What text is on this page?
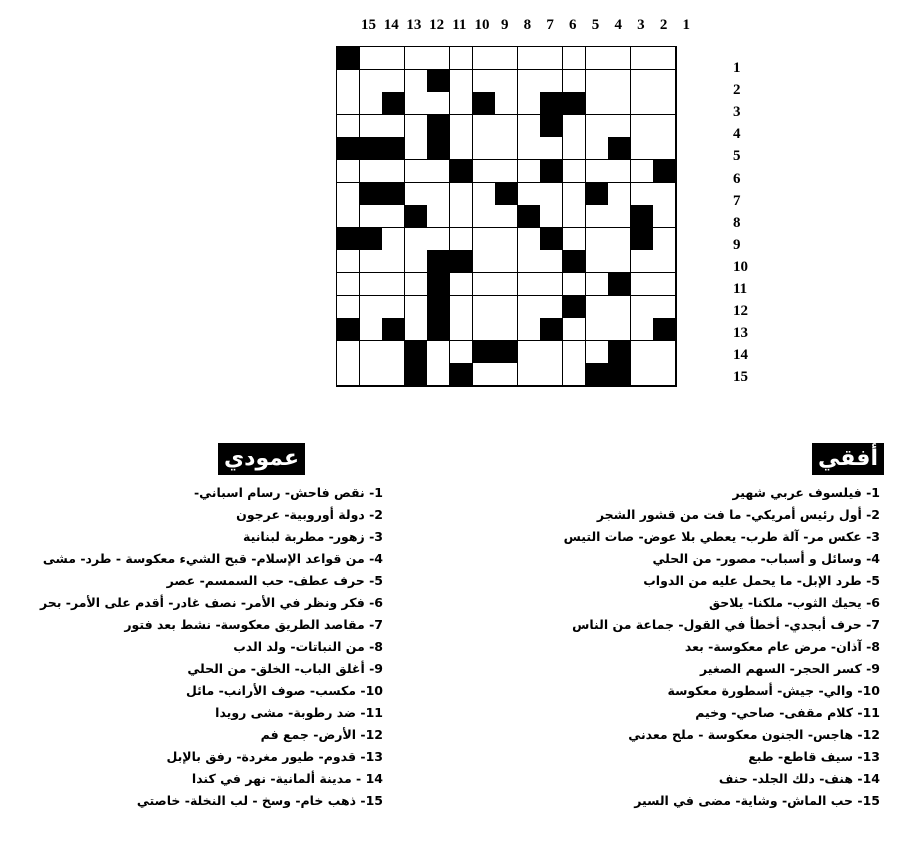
15 14 13 12 11 10 9	8	7	6	5	4	3	2	1
1
2
3
4
5
6
7
8
9
10
11
12
13
14
15
عمودي	أفقي
1- نقص فاحش- رسام اسباني-
2- دولة أوروبية- عرجون
3- زهور- مطربة لبنانية
4- من قواعد الإسلام- قبح الشيء معكوسة - طرد- مشى
5- حرف عطف- حب السمسم- عصر
6- فكر ونظر في الأمر- نصف غادر- أقدم على الأمر- بحر
7- مقاصد الطريق معكوسة- نشط بعد فتور
8- من النباتات- ولد الدب
9- أغلق الباب- الخلق- من الحلي
10- مكسب- صوف الأرانب- مائل
11- ضد رطوبة- مشى رويدا
12- الأرض- جمع فم
13- قدوم- طيور مغردة- رفق بالإبل
14 - مدينة ألمانية- نهر في كندا
15- ذهب خام- وسخ - لب النخلة- خاصتي
1- فيلسوف عربي شهير
2- أول رئيس أمريكي- ما فت من قشور الشجر
3- عكس مر- آلة طرب- يعطي بلا عوض- صات التيس
4- وسائل و أسباب- مصور- من الحلي
5- طرد الإبل- ما يحمل عليه من الدواب
6- يحيك الثوب- ملكنا- يلاحق
7- حرف أبجدي- أخطأ في القول- جماعة من الناس
8- آذان- مرض عام معكوسة- بعد
9- كسر الحجر- السهم الصغير
10- والي- جيش- أسطورة معكوسة
11- كلام مقفى- صاحي- وخيم
12- هاجس- الجنون معكوسة - ملح معدني
13- سيف قاطع- طبع
14- هنف- دلك الجلد- حنف
15- حب الماش- وشاية- مضى في السير
